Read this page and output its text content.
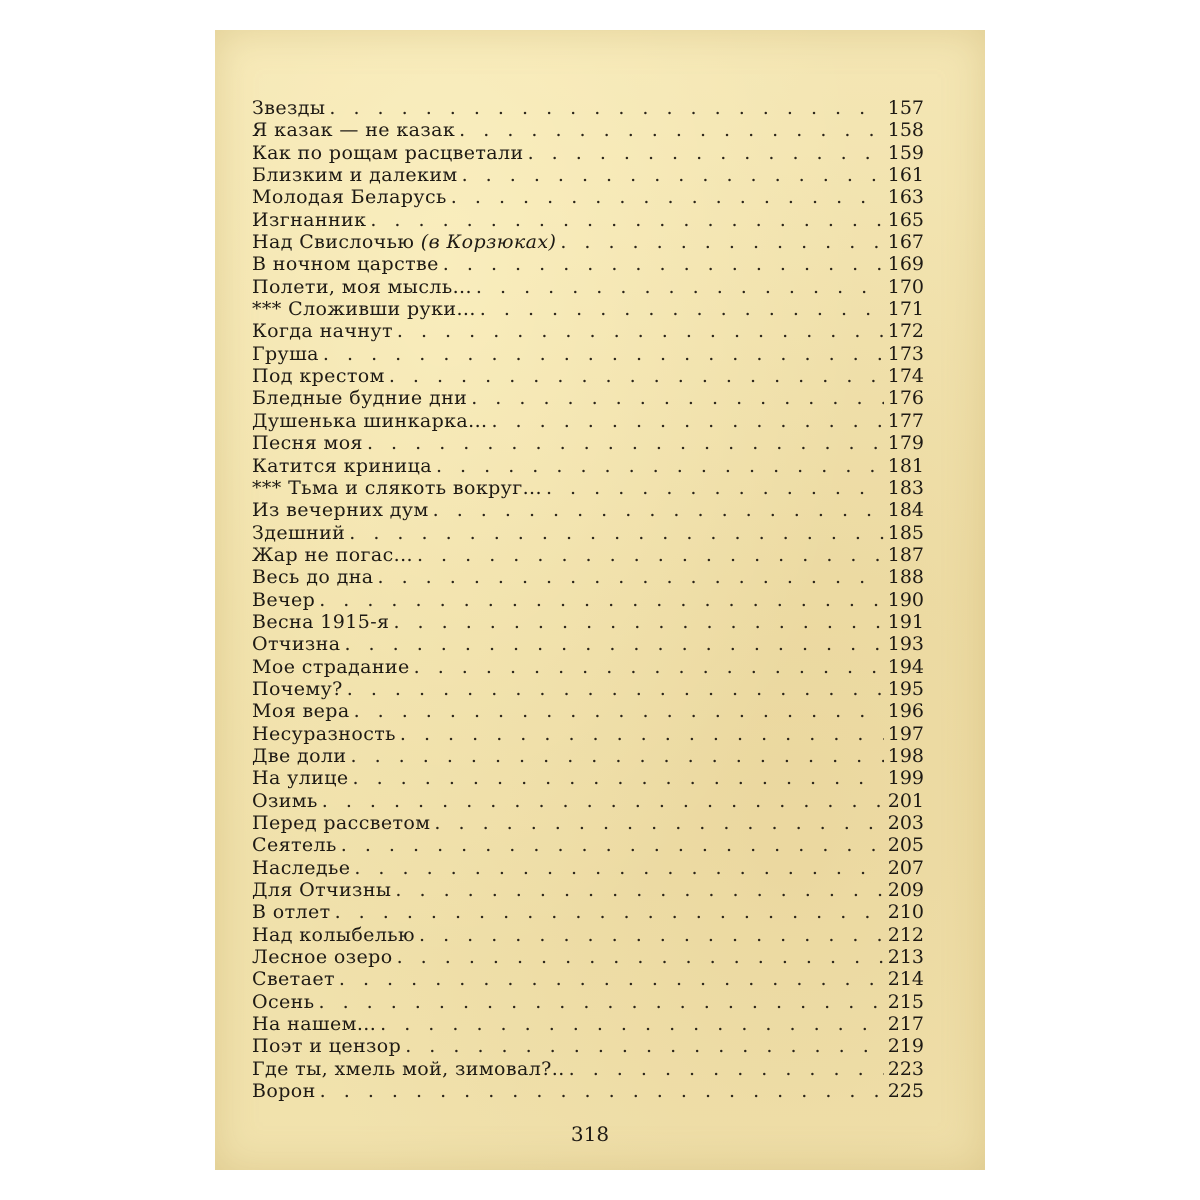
Звезды . . .	157
Я казак — не казак . . .	158
Как по рощам расцветали . . .	159
Близким и далеким . . .	161
Молодая Беларусь . . .	163
Изгнанник . . .	165
Над Свислочью (в Корзюках) . . .	167
В ночном царстве . . .	169
Полети, моя мысль... . . .	170
*** Сложивши руки... . . .	171
Когда начнут . . .	172
Груша . . .	173
Под крестом . . .	174
Бледные будние дни . . .	176
Душенька шинкарка... . . .	177
Песня моя . . .	179
Катится криница . . .	181
*** Тьма и слякоть вокруг... . . .	183
Из вечерних дум . . .	184
Здешний . . .	185
Жар не погас... . . .	187
Весь до дна . . .	188
Вечер . . .	190
Весна 1915-я . . .	191
Отчизна . . .	193
Мое страдание . . .	194
Почему? . . .	195
Моя вера . . .	196
Несуразность . . .	197
Две доли . . .	198
На улице . . .	199
Озимь . . .	201
Перед рассветом . . .	203
Сеятель . . .	205
Наследье . . .	207
Для Отчизны . . .	209
В отлет . . .	210
Над колыбелью . . .	212
Лесное озеро . . .	213
Светает . . .	214
Осень . . .	215
На нашем... . . .	217
Поэт и цензор . . .	219
Где ты, хмель мой, зимовал?.. . . .	223
Ворон . . .	225
318
